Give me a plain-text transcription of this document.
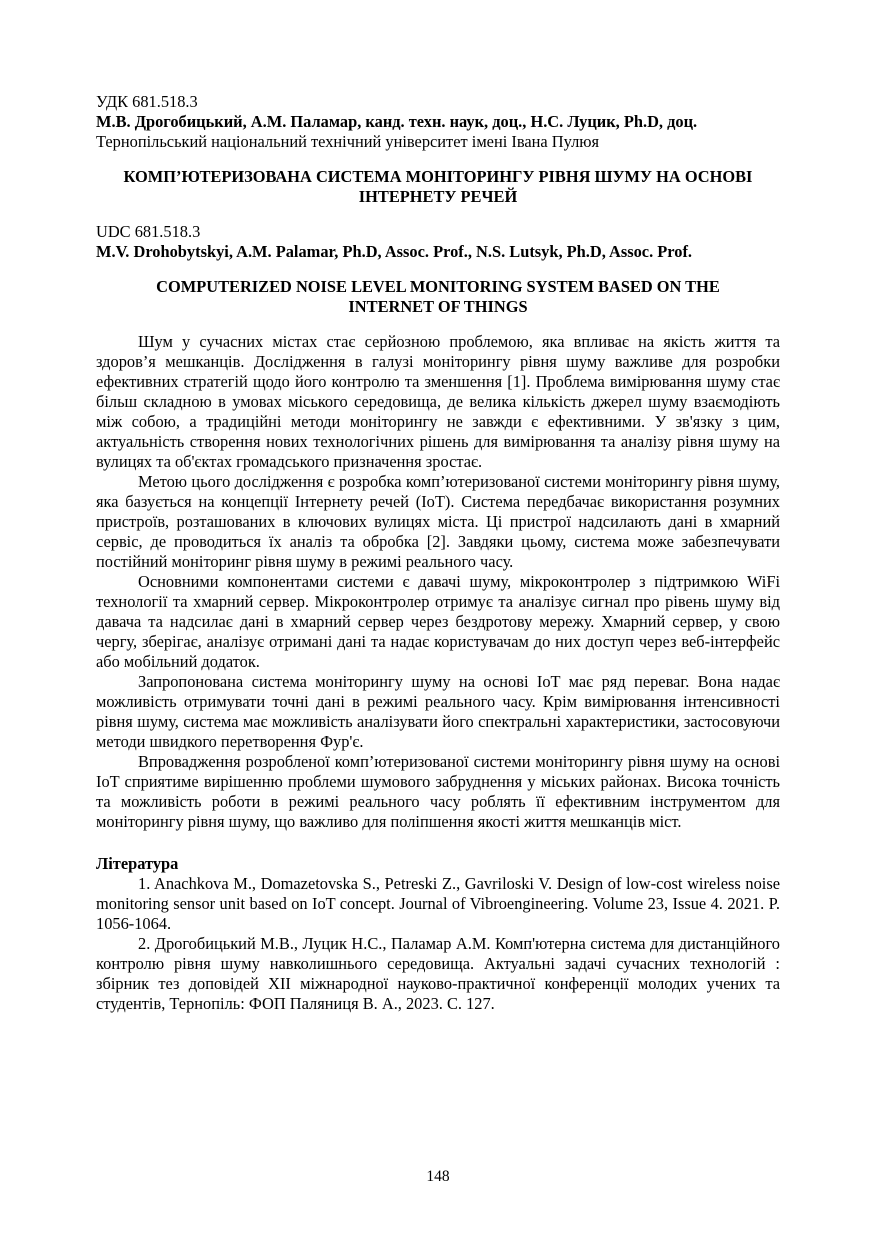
УДК 681.518.3
М.В. Дрогобицький, А.М. Паламар, канд. техн. наук, доц., Н.С. Луцик, Ph.D, доц.
Тернопільський національний технічний університет імені Івана Пулюя
КОМП’ЮТЕРИЗОВАНА СИСТЕМА МОНІТОРИНГУ РІВНЯ ШУМУ НА ОСНОВІ
ІНТЕРНЕТУ РЕЧЕЙ
UDC 681.518.3
M.V. Drohobytskyi, A.M. Palamar, Ph.D, Assoc. Prof., N.S. Lutsyk, Ph.D, Assoc. Prof.
COMPUTERIZED NOISE LEVEL MONITORING SYSTEM BASED ON THE
INTERNET OF THINGS

Шум у сучасних містах стає серйозною проблемою, яка впливає на якість життя та здоров’я мешканців. Дослідження в галузі моніторингу рівня шуму важливе для розробки ефективних стратегій щодо його контролю та зменшення [1]. Проблема вимірювання шуму стає більш складною в умовах міського середовища, де велика кількість джерел шуму взаємодіють між собою, а традиційні методи моніторингу не завжди є ефективними. У зв'язку з цим, актуальність створення нових технологічних рішень для вимірювання та аналізу рівня шуму на вулицях та об'єктах громадського призначення зростає.

Метою цього дослідження є розробка комп’ютеризованої системи моніторингу рівня шуму, яка базується на концепції Інтернету речей (IoT). Система передбачає використання розумних пристроїв, розташованих в ключових вулицях міста. Ці пристрої надсилають дані в хмарний сервіс, де проводиться їх аналіз та обробка [2]. Завдяки цьому, система може забезпечувати постійний моніторинг рівня шуму в режимі реального часу.

Основними компонентами системи є давачі шуму, мікроконтролер з підтримкою WiFi технології та хмарний сервер. Мікроконтролер отримує та аналізує сигнал про рівень шуму від давача та надсилає дані в хмарний сервер через бездротову мережу. Хмарний сервер, у свою чергу, зберігає, аналізує отримані дані та надає користувачам до них доступ через веб-інтерфейс або мобільний додаток.

Запропонована система моніторингу шуму на основі IoT має ряд переваг. Вона надає можливість отримувати точні дані в режимі реального часу. Крім вимірювання інтенсивності рівня шуму, система має можливість аналізувати його спектральні характеристики, застосовуючи методи швидкого перетворення Фур'є.

Впровадження розробленої комп’ютеризованої системи моніторингу рівня шуму на основі IoT сприятиме вирішенню проблеми шумового забруднення у міських районах. Висока точність та можливість роботи в режимі реального часу роблять її ефективним інструментом для моніторингу рівня шуму, що важливо для поліпшення якості життя мешканців міст.

Література

1. Anachkova M., Domazetovska S., Petreski Z., Gavriloski V. Design of low-cost wireless noise monitoring sensor unit based on IoT concept. Journal of Vibroengineering. Volume 23, Issue 4. 2021. P. 1056-1064.

2. Дрогобицький М.В., Луцик Н.С., Паламар А.М. Комп'ютерна система для дистанційного контролю рівня шуму навколишнього середовища. Актуальні задачі сучасних технологій : збірник тез доповідей XII міжнародної науково-практичної конференції молодих учених та студентів, Тернопіль: ФОП Паляниця В. А., 2023. С. 127.

148
